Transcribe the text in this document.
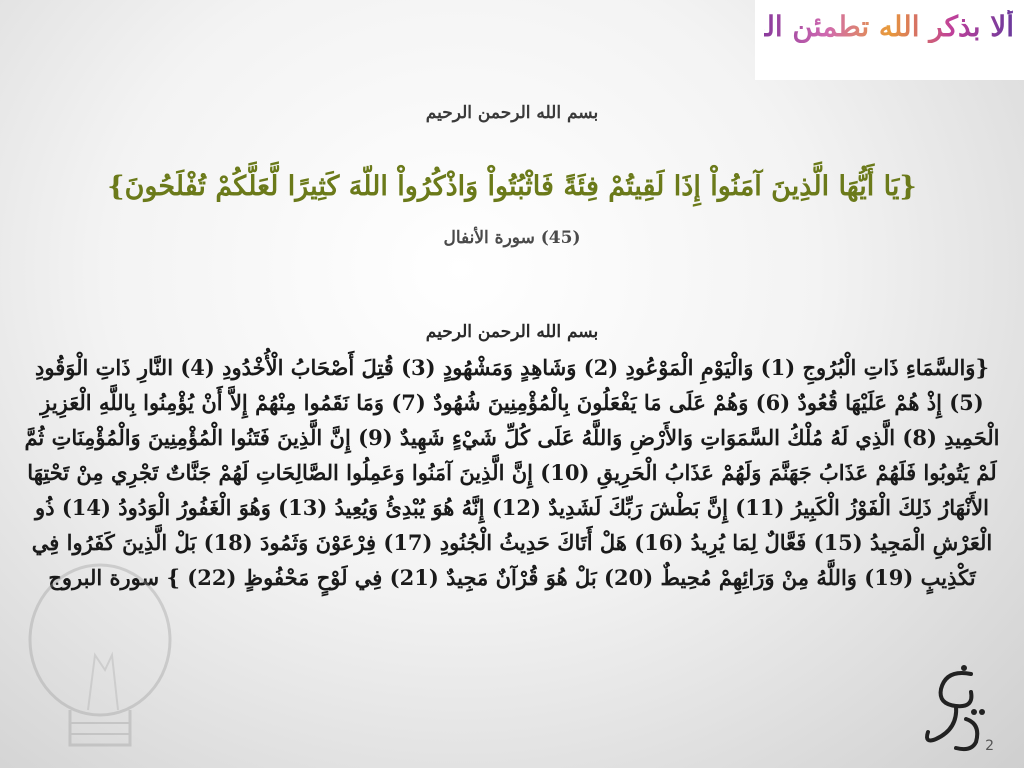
ألا بذكر الله تطمئن القلوب
بسم الله الرحمن الرحيم
{يَا أَيُّهَا الَّذِينَ آمَنُواْ إِذَا لَقِيتُمْ فِئَةً فَاثْبُتُواْ وَاذْكُرُواْ اللّهَ كَثِيرًا لَّعَلَّكُمْ تُفْلَحُونَ}
(45) سورة الأنفال
بسم الله الرحمن الرحيم
{وَالسَّمَاءِ ذَاتِ الْبُرُوجِ (1) وَالْيَوْمِ الْمَوْعُودِ (2) وَشَاهِدٍ وَمَشْهُودٍ (3) قُتِلَ أَصْحَابُ الْأُخْدُودِ (4) النَّارِ ذَاتِ الْوَقُودِ (5) إِذْ هُمْ عَلَيْهَا قُعُودٌ (6) وَهُمْ عَلَى مَا يَفْعَلُونَ بِالْمُؤْمِنِينَ شُهُودٌ (7) وَمَا نَقَمُوا مِنْهُمْ إِلاَّ أَنْ يُؤْمِنُوا بِاللَّهِ الْعَزِيزِ الْحَمِيدِ (8) الَّذِي لَهُ مُلْكُ السَّمَوَاتِ وَالأَرْضِ وَاللَّهُ عَلَى كُلِّ شَيْءٍ شَهِيدٌ (9) إِنَّ الَّذِينَ فَتَنُوا الْمُؤْمِنِينَ وَالْمُؤْمِنَاتِ ثُمَّ لَمْ يَتُوبُوا فَلَهُمْ عَذَابُ جَهَنَّمَ وَلَهُمْ عَذَابُ الْحَرِيقِ (10) إِنَّ الَّذِينَ آمَنُوا وَعَمِلُوا الصَّالِحَاتِ لَهُمْ جَنَّاتٌ تَجْرِي مِنْ تَحْتِهَا الأَنْهَارُ ذَلِكَ الْفَوْزُ الْكَبِيرُ (11) إِنَّ بَطْشَ رَبِّكَ لَشَدِيدٌ (12) إِنَّهُ هُوَ يُبْدِئُ وَيُعِيدُ (13) وَهُوَ الْغَفُورُ الْوَدُودُ (14) ذُو الْعَرْشِ الْمَجِيدُ (15) فَعَّالٌ لِمَا يُرِيدُ (16) هَلْ أَتَاكَ حَدِيثُ الْجُنُودِ (17) فِرْعَوْنَ وَثَمُودَ (18) بَلْ الَّذِينَ كَفَرُوا فِي تَكْذِيبٍ (19) وَاللَّهُ مِنْ وَرَائِهِمْ مُحِيطٌ (20) بَلْ هُوَ قُرْآنٌ مَجِيدٌ (21) فِي لَوْحٍ مَحْفُوظٍ (22) } سورة البروج
2
